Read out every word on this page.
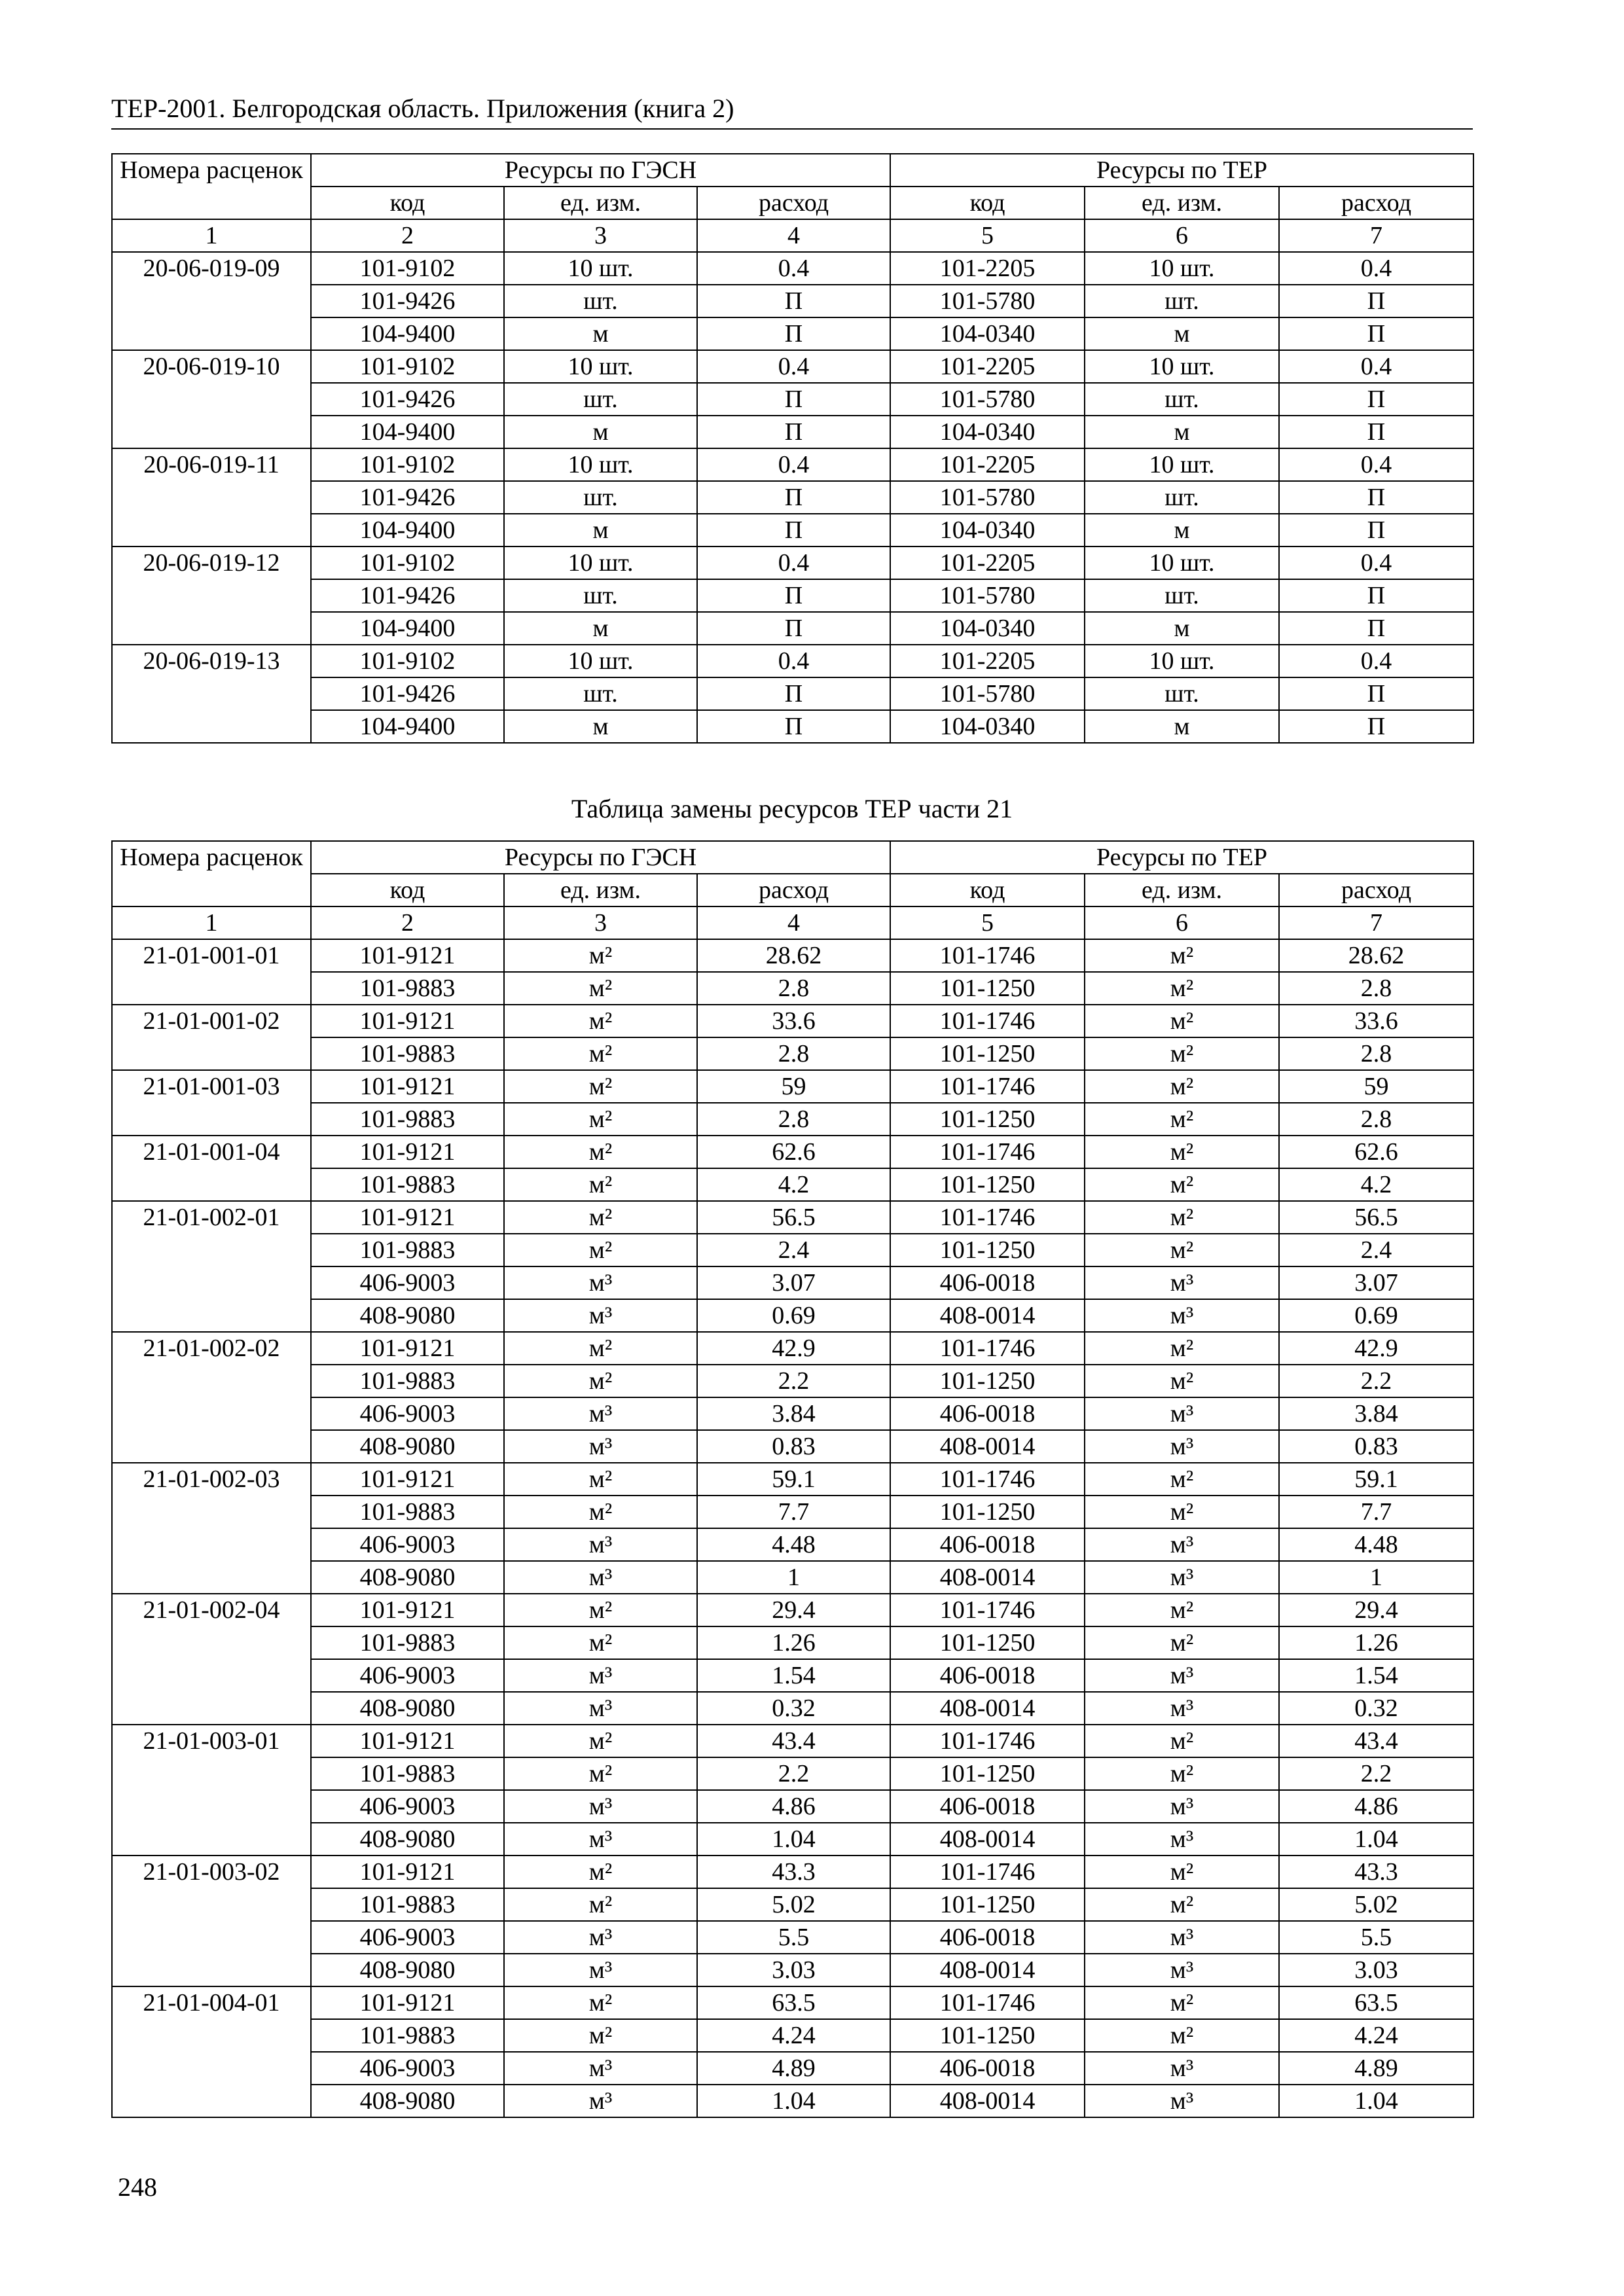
ТЕР-2001. Белгородская область. Приложения (книга 2)
Номера расценок	Ресурсы по ГЭСН			Ресурсы по ТЕР		
	код	ед. изм.	расход	код	ед. изм.	расход
1	2	3	4	5	6	7
20-06-019-09	101-9102	10 шт.	0.4	101-2205	10 шт.	0.4
	101-9426	шт.	П	101-5780	шт.	П
	104-9400	м	П	104-0340	м	П
20-06-019-10	101-9102	10 шт.	0.4	101-2205	10 шт.	0.4
	101-9426	шт.	П	101-5780	шт.	П
	104-9400	м	П	104-0340	м	П
20-06-019-11	101-9102	10 шт.	0.4	101-2205	10 шт.	0.4
	101-9426	шт.	П	101-5780	шт.	П
	104-9400	м	П	104-0340	м	П
20-06-019-12	101-9102	10 шт.	0.4	101-2205	10 шт.	0.4
	101-9426	шт.	П	101-5780	шт.	П
	104-9400	м	П	104-0340	м	П
20-06-019-13	101-9102	10 шт.	0.4	101-2205	10 шт.	0.4
	101-9426	шт.	П	101-5780	шт.	П
	104-9400	м	П	104-0340	м	П
Таблица замены ресурсов ТЕР части 21
Номера расценок	Ресурсы по ГЭСН			Ресурсы по ТЕР		
	код	ед. изм.	расход	код	ед. изм.	расход
1	2	3	4	5	6	7
21-01-001-01	101-9121	м²	28.62	101-1746	м²	28.62
	101-9883	м²	2.8	101-1250	м²	2.8
21-01-001-02	101-9121	м²	33.6	101-1746	м²	33.6
	101-9883	м²	2.8	101-1250	м²	2.8
21-01-001-03	101-9121	м²	59	101-1746	м²	59
	101-9883	м²	2.8	101-1250	м²	2.8
21-01-001-04	101-9121	м²	62.6	101-1746	м²	62.6
	101-9883	м²	4.2	101-1250	м²	4.2
21-01-002-01	101-9121	м²	56.5	101-1746	м²	56.5
	101-9883	м²	2.4	101-1250	м²	2.4
	406-9003	м³	3.07	406-0018	м³	3.07
	408-9080	м³	0.69	408-0014	м³	0.69
21-01-002-02	101-9121	м²	42.9	101-1746	м²	42.9
	101-9883	м²	2.2	101-1250	м²	2.2
	406-9003	м³	3.84	406-0018	м³	3.84
	408-9080	м³	0.83	408-0014	м³	0.83
21-01-002-03	101-9121	м²	59.1	101-1746	м²	59.1
	101-9883	м²	7.7	101-1250	м²	7.7
	406-9003	м³	4.48	406-0018	м³	4.48
	408-9080	м³	1	408-0014	м³	1
21-01-002-04	101-9121	м²	29.4	101-1746	м²	29.4
	101-9883	м²	1.26	101-1250	м²	1.26
	406-9003	м³	1.54	406-0018	м³	1.54
	408-9080	м³	0.32	408-0014	м³	0.32
21-01-003-01	101-9121	м²	43.4	101-1746	м²	43.4
	101-9883	м²	2.2	101-1250	м²	2.2
	406-9003	м³	4.86	406-0018	м³	4.86
	408-9080	м³	1.04	408-0014	м³	1.04
21-01-003-02	101-9121	м²	43.3	101-1746	м²	43.3
	101-9883	м²	5.02	101-1250	м²	5.02
	406-9003	м³	5.5	406-0018	м³	5.5
	408-9080	м³	3.03	408-0014	м³	3.03
21-01-004-01	101-9121	м²	63.5	101-1746	м²	63.5
	101-9883	м²	4.24	101-1250	м²	4.24
	406-9003	м³	4.89	406-0018	м³	4.89
	408-9080	м³	1.04	408-0014	м³	1.04
248
